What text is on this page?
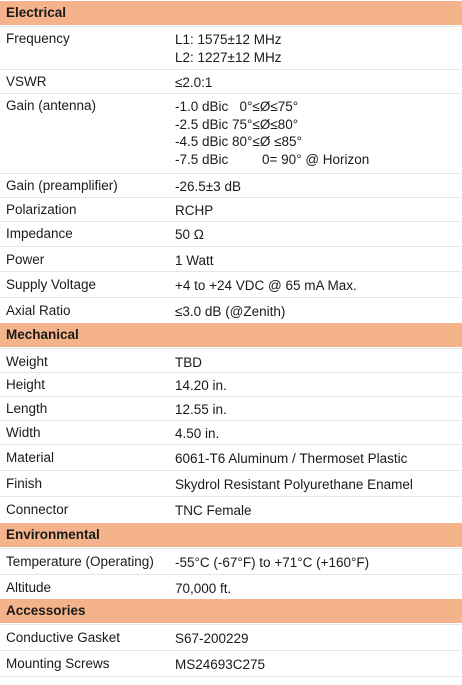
Electrical
Frequency	L1: 1575±12 MHz
L2: 1227±12 MHz
VSWR	≤2.0:1
Gain (antenna)	-1.0 dBic   0°≤Ø≤75°
-2.5 dBic 75°≤Ø≤80°
-4.5 dBic 80°≤Ø ≤85°
-7.5 dBic         0= 90° @ Horizon
Gain (preamplifier)	-26.5±3 dB
Polarization	RCHP
Impedance	50 Ω
Power	1 Watt
Supply Voltage	+4 to +24 VDC @ 65 mA Max.
Axial Ratio	≤3.0 dB (@Zenith)
Mechanical
Weight	TBD
Height	14.20 in.
Length	12.55 in.
Width	4.50 in.
Material	6061-T6 Aluminum / Thermoset Plastic
Finish	Skydrol Resistant Polyurethane Enamel
Connector	TNC Female
Environmental
Temperature (Operating) -55°C (-67°F) to +71°C (+160°F)
Altitude	70,000 ft.
Accessories
Conductive Gasket	S67-200229
Mounting Screws	MS24693C275
